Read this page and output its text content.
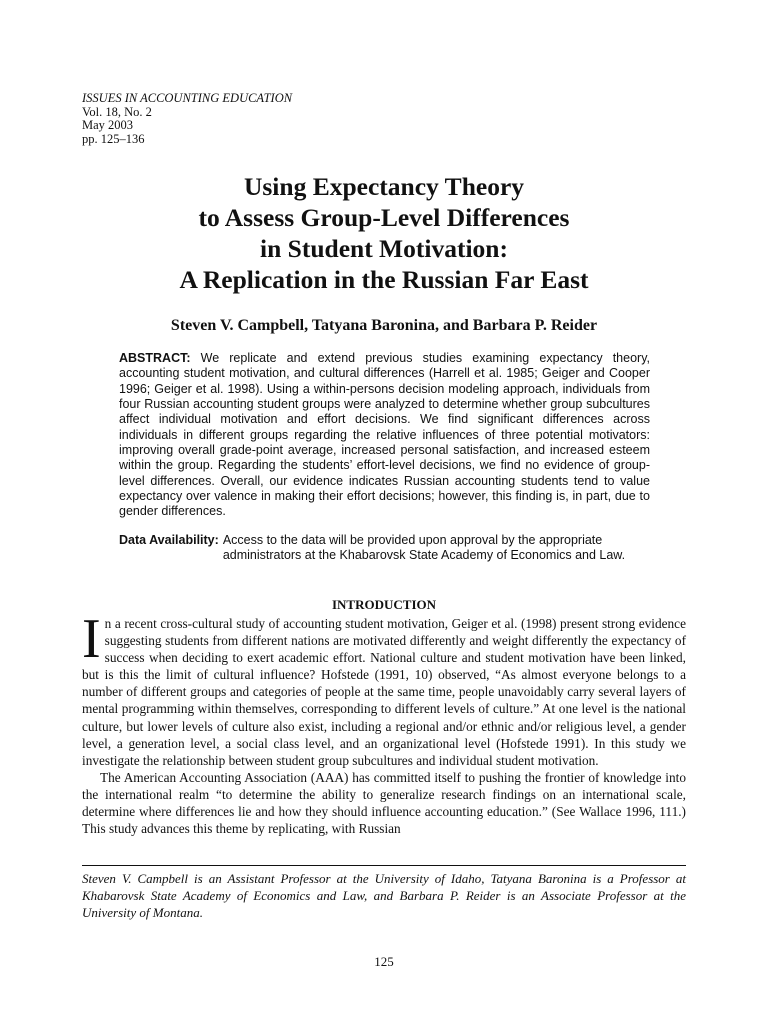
ISSUES IN ACCOUNTING EDUCATION
Vol. 18, No. 2
May 2003
pp. 125–136
Using Expectancy Theory
to Assess Group-Level Differences
in Student Motivation:
A Replication in the Russian Far East
Steven V. Campbell, Tatyana Baronina, and Barbara P. Reider
ABSTRACT: We replicate and extend previous studies examining expectancy theory, accounting student motivation, and cultural differences (Harrell et al. 1985; Geiger and Cooper 1996; Geiger et al. 1998). Using a within-persons decision modeling approach, individuals from four Russian accounting student groups were analyzed to determine whether group subcultures affect individual motivation and effort decisions. We find significant differences across individuals in different groups regarding the relative influences of three potential motivators: improving overall grade-point average, increased personal satisfaction, and increased esteem within the group. Regarding the students’ effort-level decisions, we find no evidence of group-level differences. Overall, our evidence indicates Russian accounting students tend to value expectancy over valence in making their effort decisions; however, this finding is, in part, due to gender differences.
Data Availability: Access to the data will be provided upon approval by the appropriate administrators at the Khabarovsk State Academy of Economics and Law.
INTRODUCTION

In a recent cross-cultural study of accounting student motivation, Geiger et al. (1998) present strong evidence suggesting students from different nations are motivated differently and weight differently the expectancy of success when deciding to exert academic effort. National culture and student motivation have been linked, but is this the limit of cultural influence? Hofstede (1991, 10) observed, “As almost everyone belongs to a number of different groups and categories of people at the same time, people unavoidably carry several layers of mental programming within themselves, corresponding to different levels of culture.” At one level is the national culture, but lower levels of culture also exist, including a regional and/or ethnic and/or religious level, a gender level, a generation level, a social class level, and an organizational level (Hofstede 1991). In this study we investigate the relationship between student group subcultures and individual student motivation.

The American Accounting Association (AAA) has committed itself to pushing the frontier of knowledge into the international realm “to determine the ability to generalize research findings on an international scale, determine where differences lie and how they should influence accounting education.” (See Wallace 1996, 111.) This study advances this theme by replicating, with Russian

Steven V. Campbell is an Assistant Professor at the University of Idaho, Tatyana Baronina is a Professor at Khabarovsk State Academy of Economics and Law, and Barbara P. Reider is an Associate Professor at the University of Montana.
125
